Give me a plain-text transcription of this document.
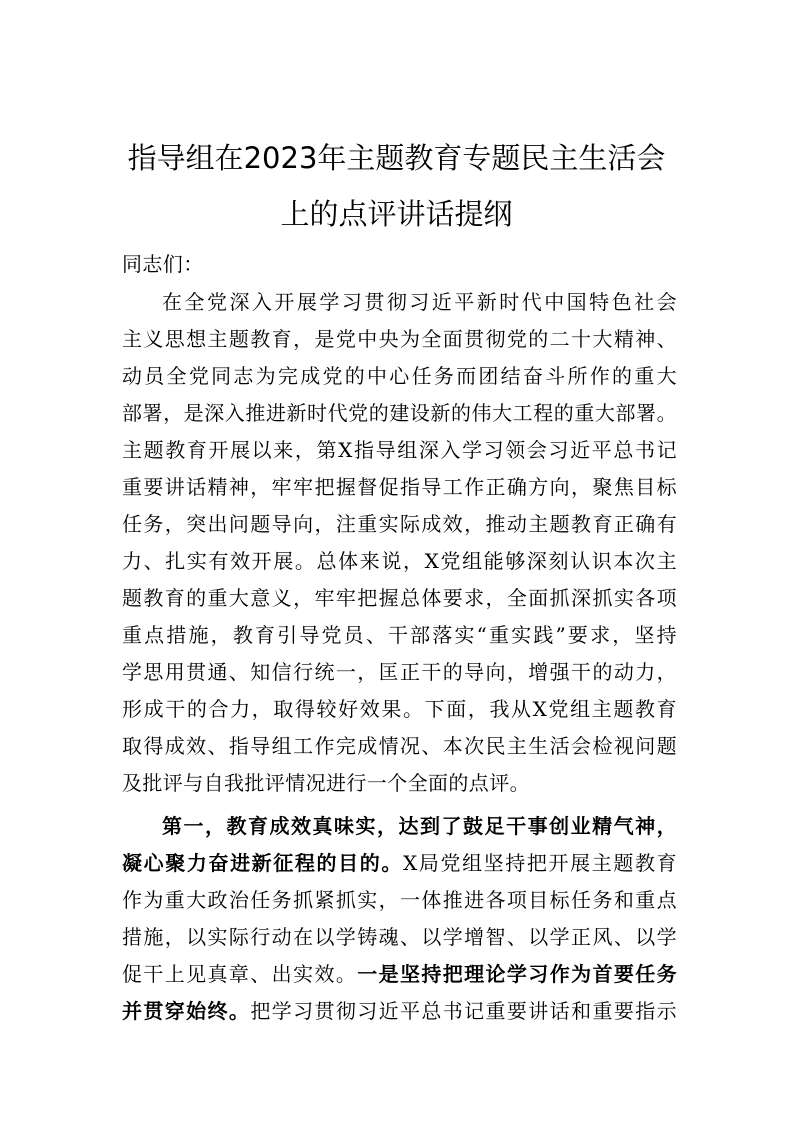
指导组在2023年主题教育专题民主生活会
上的点评讲话提纲
同志们：
在全党深入开展学习贯彻习近平新时代中国特色社会
主义思想主题教育，是党中央为全面贯彻党的二十大精神、
动员全党同志为完成党的中心任务而团结奋斗所作的重大
部署，是深入推进新时代党的建设新的伟大工程的重大部署。
主题教育开展以来，第X指导组深入学习领会习近平总书记
重要讲话精神，牢牢把握督促指导工作正确方向，聚焦目标
任务，突出问题导向，注重实际成效，推动主题教育正确有
力、扎实有效开展。总体来说，X党组能够深刻认识本次主
题教育的重大意义，牢牢把握总体要求，全面抓深抓实各项
重点措施，教育引导党员、干部落实“重实践”要求，坚持
学思用贯通、知信行统一，匡正干的导向，增强干的动力，
形成干的合力，取得较好效果。下面，我从X党组主题教育
取得成效、指导组工作完成情况、本次民主生活会检视问题
及批评与自我批评情况进行一个全面的点评。
第一，教育成效真味实，达到了鼓足干事创业精气神，
凝心聚力奋进新征程的目的。X局党组坚持把开展主题教育
作为重大政治任务抓紧抓实，一体推进各项目标任务和重点
措施，以实际行动在以学铸魂、以学增智、以学正风、以学
促干上见真章、出实效。一是坚持把理论学习作为首要任务
并贯穿始终。把学习贯彻习近平总书记重要讲话和重要指示
